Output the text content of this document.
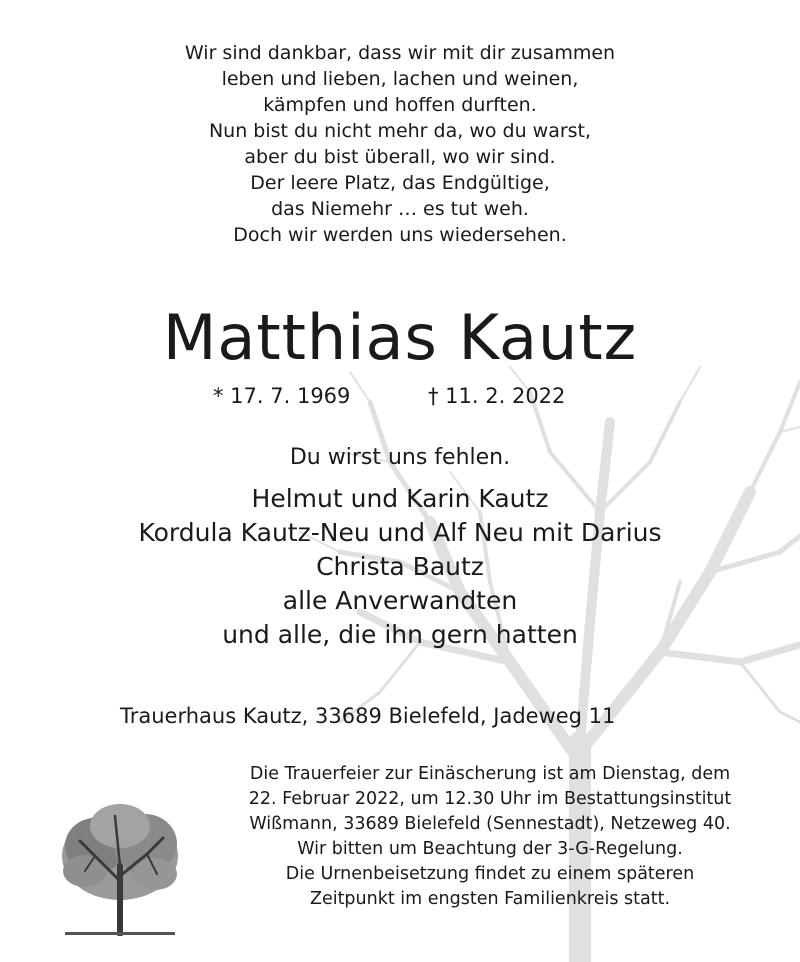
Wir sind dankbar, dass wir mit dir zusammen
leben und lieben, lachen und weinen,
kämpfen und hoffen durften.
Nun bist du nicht mehr da, wo du warst,
aber du bist überall, wo wir sind.
Der leere Platz, das Endgültige,
das Niemehr … es tut weh.
Doch wir werden uns wiedersehen.
Matthias Kautz
* 17. 7. 1969	† 11. 2. 2022
Du wirst uns fehlen.
Helmut und Karin Kautz
Kordula Kautz-Neu und Alf Neu mit Darius
Christa Bautz
alle Anverwandten
und alle, die ihn gern hatten
Trauerhaus Kautz, 33689 Bielefeld, Jadeweg 11
Die Trauerfeier zur Einäscherung ist am Dienstag, dem
22. Februar 2022, um 12.30 Uhr im Bestattungsinstitut
Wißmann, 33689 Bielefeld (Sennestadt), Netzeweg 40.
Wir bitten um Beachtung der 3-G-Regelung.
Die Urnenbeisetzung findet zu einem späteren
Zeitpunkt im engsten Familienkreis statt.
